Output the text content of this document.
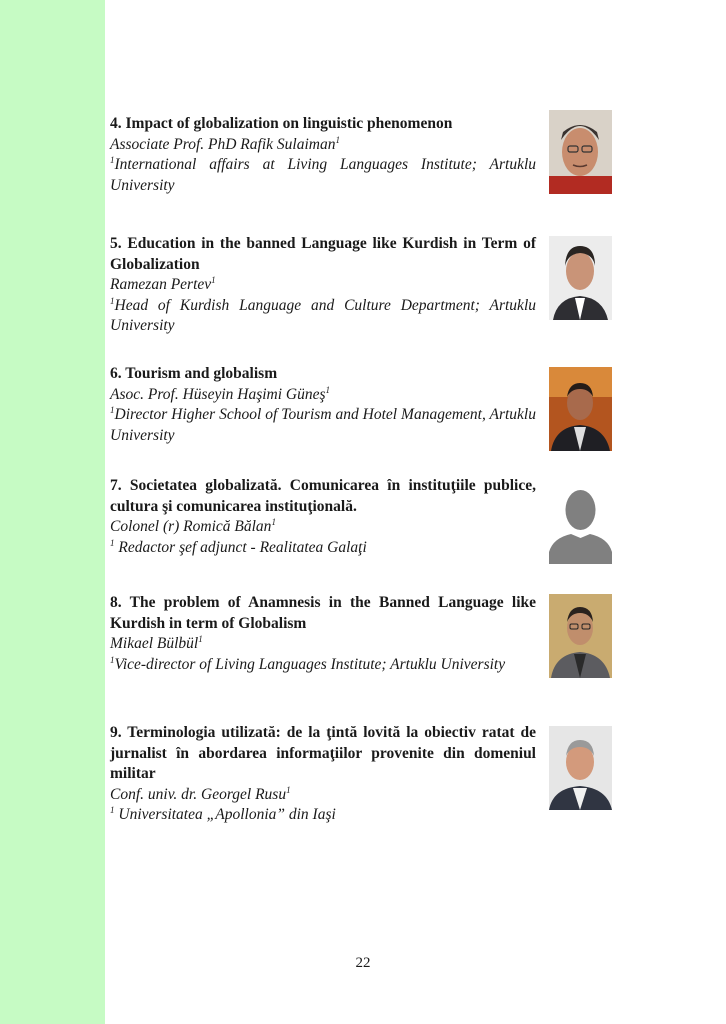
4. Impact of globalization on linguistic phenomenon
Associate Prof. PhD Rafik Sulaiman$^1$
$^1$International affairs at Living Languages Institute; Artuklu University
5. Education in the banned Language like Kurdish in Term of Globalization
Ramezan Pertev$^1$
$^1$Head of Kurdish Language and Culture Department; Artuklu University
6. Tourism and globalism
Asoc. Prof. Hüseyin Haşimi Güneş$^1$
$^1$Director Higher School of Tourism and Hotel Management, Artuklu University
7. Societatea globalizată. Comunicarea în instituţiile publice, cultura şi comunicarea instituţională.
Colonel (r) Romică Bălan$^1$
$^1$ Redactor şef adjunct - Realitatea Galaţi
8. The problem of Anamnesis in the Banned Language like Kurdish in term of Globalism
Mikael Bülbül$^1$
$^1$Vice-director of Living Languages Institute; Artuklu University
9. Terminologia utilizată: de la ţintă lovită la obiectiv ratat de jurnalist în abordarea informaţiilor provenite din domeniul militar
Conf. univ. dr. Georgel Rusu$^1$
$^1$ Universitatea „Apollonia” din Iaşi
22
